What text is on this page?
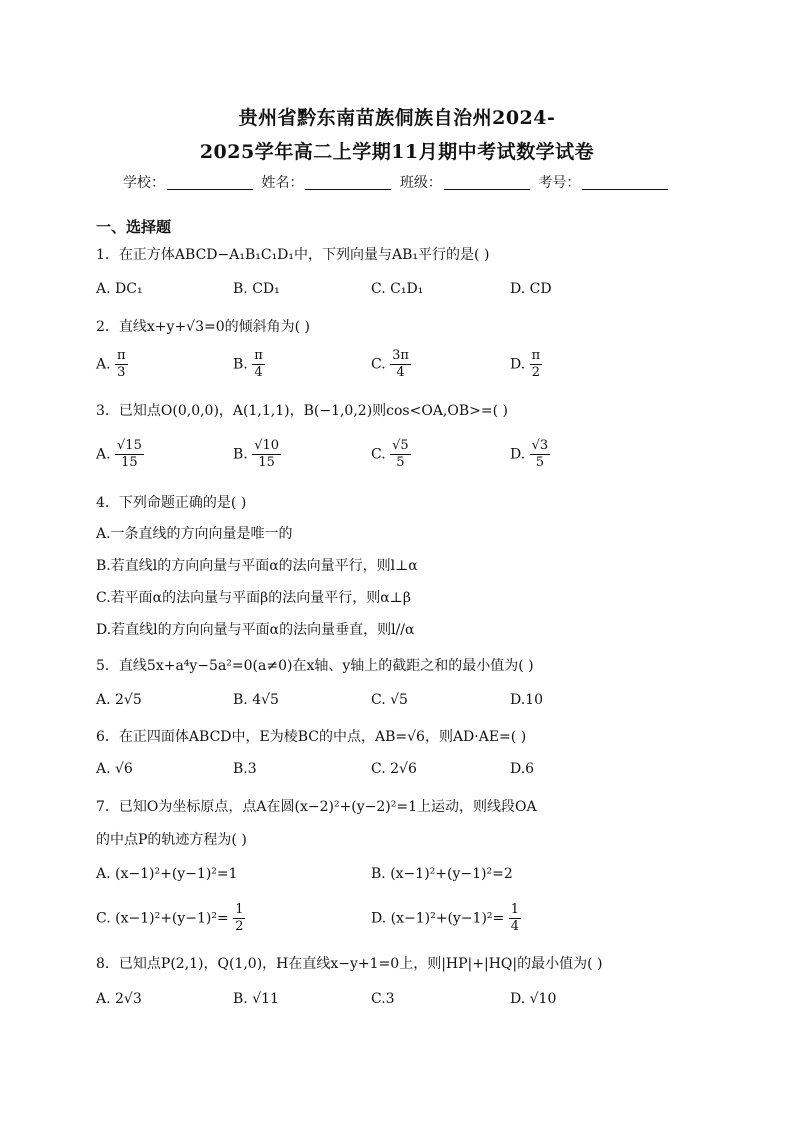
贵州省黔东南苗族侗族自治州2024-
2025学年高二上学期11月期中考试数学试卷
学校：	姓名：	班级：	考号：
一、选择题
1．在正方体ABCD−A₁B₁C₁D₁中，下列向量与AB₁平行的是( )
A. DC₁	B. CD₁	C. C₁D₁	D. CD
2．直线x+y+√3=0的倾斜角为( )
A. $\frac{\pi}{3}$	B. $\frac{\pi}{4}$	C. $\frac{3\pi}{4}$	D. $\frac{\pi}{2}$
3．已知点O(0,0,0)，A(1,1,1)，B(−1,0,2)则cos<OA,OB>=( )
A. $\frac{√15}{15}$	B. $\frac{√10}{15}$	C. $\frac{√5}{5}$	D. $\frac{√3}{5}$
4．下列命题正确的是( )
A.一条直线的方向向量是唯一的
B.若直线l的方向向量与平面α的法向量平行，则l⊥α
C.若平面α的法向量与平面β的法向量平行，则α⊥β
D.若直线l的方向向量与平面α的法向量垂直，则l//α
5．直线5x+a⁴y−5a²=0(a≠0)在x轴、y轴上的截距之和的最小值为( )
A. 2√5	B. 4√5	C. √5	D.10
6．在正四面体ABCD中，E为棱BC的中点，AB=√6，则AD·AE=( )
A. √6	B.3	C. 2√6	D.6
7．已知O为坐标原点，点A在圆(x−2)²+(y−2)²=1上运动，则线段OA
的中点P的轨迹方程为( )
A. (x−1)²+(y−1)²=1	B. (x−1)²+(y−1)²=2
C. $(x-1)^2+(y-1)^2= \frac{1}{2}$	D. $(x-1)^2+(y-1)^2= \frac{1}{4}$
8．已知点P(2,1)，Q(1,0)，H在直线x−y+1=0上，则|HP|+|HQ|的最小值为( )
A. 2√3	B. √11	C.3	D. √10
